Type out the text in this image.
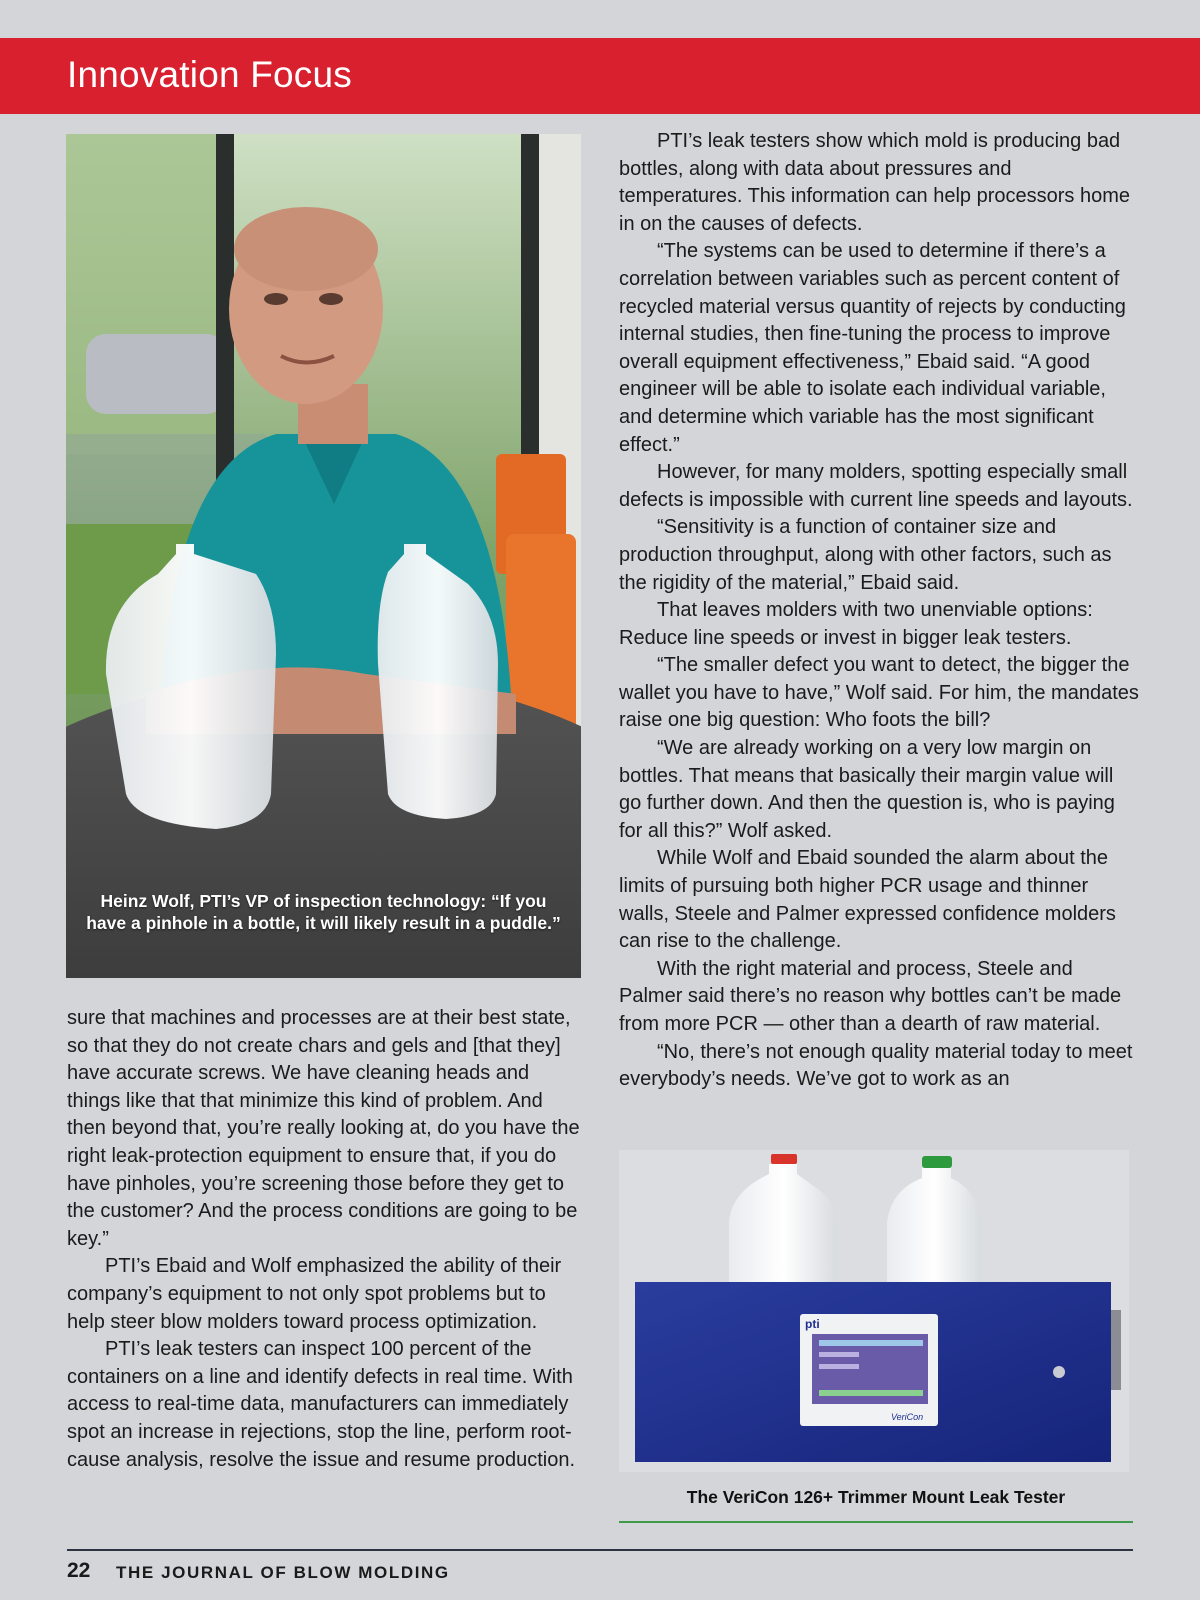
Innovation Focus
Heinz Wolf, PTI’s VP of inspection technology: “If you have a pinhole in a bottle, it will likely result in a puddle.”

sure that machines and processes are at their best state, so that they do not create chars and gels and [that they] have accurate screws. We have cleaning heads and things like that that minimize this kind of problem. And then beyond that, you’re really looking at, do you have the right leak-protection equipment to ensure that, if you do have pinholes, you’re screening those before they get to the customer? And the process conditions are going to be key.”

PTI’s Ebaid and Wolf emphasized the ability of their company’s equipment to not only spot problems but to help steer blow molders toward process optimization.

PTI’s leak testers can inspect 100 percent of the containers on a line and identify defects in real time. With access to real-time data, manufacturers can immediately spot an increase in rejections, stop the line, perform root-cause analysis, resolve the issue and resume production.

PTI’s leak testers show which mold is producing bad bottles, along with data about pressures and temperatures. This information can help processors home in on the causes of defects.

“The systems can be used to determine if there’s a correlation between variables such as percent content of recycled material versus quantity of rejects by conducting internal studies, then fine-tuning the process to improve overall equipment effectiveness,” Ebaid said. “A good engineer will be able to isolate each individual variable, and determine which variable has the most significant effect.”

However, for many molders, spotting especially small defects is impossible with current line speeds and layouts.

“Sensitivity is a function of container size and production throughput, along with other factors, such as the rigidity of the material,” Ebaid said.

That leaves molders with two unenviable options: Reduce line speeds or invest in bigger leak testers.

“The smaller defect you want to detect, the bigger the wallet you have to have,” Wolf said. For him, the mandates raise one big question: Who foots the bill?

“We are already working on a very low margin on bottles. That means that basically their margin value will go further down. And then the question is, who is paying for all this?” Wolf asked.

While Wolf and Ebaid sounded the alarm about the limits of pursuing both higher PCR usage and thinner walls, Steele and Palmer expressed confidence molders can rise to the challenge.

With the right material and process, Steele and Palmer said there’s no reason why bottles can’t be made from more PCR — other than a dearth of raw material.

“No, there’s not enough quality material today to meet everybody’s needs. We’ve got to work as an

pti
VeriCon
The VeriCon 126+ Trimmer Mount Leak Tester
22 THE JOURNAL OF BLOW MOLDING
